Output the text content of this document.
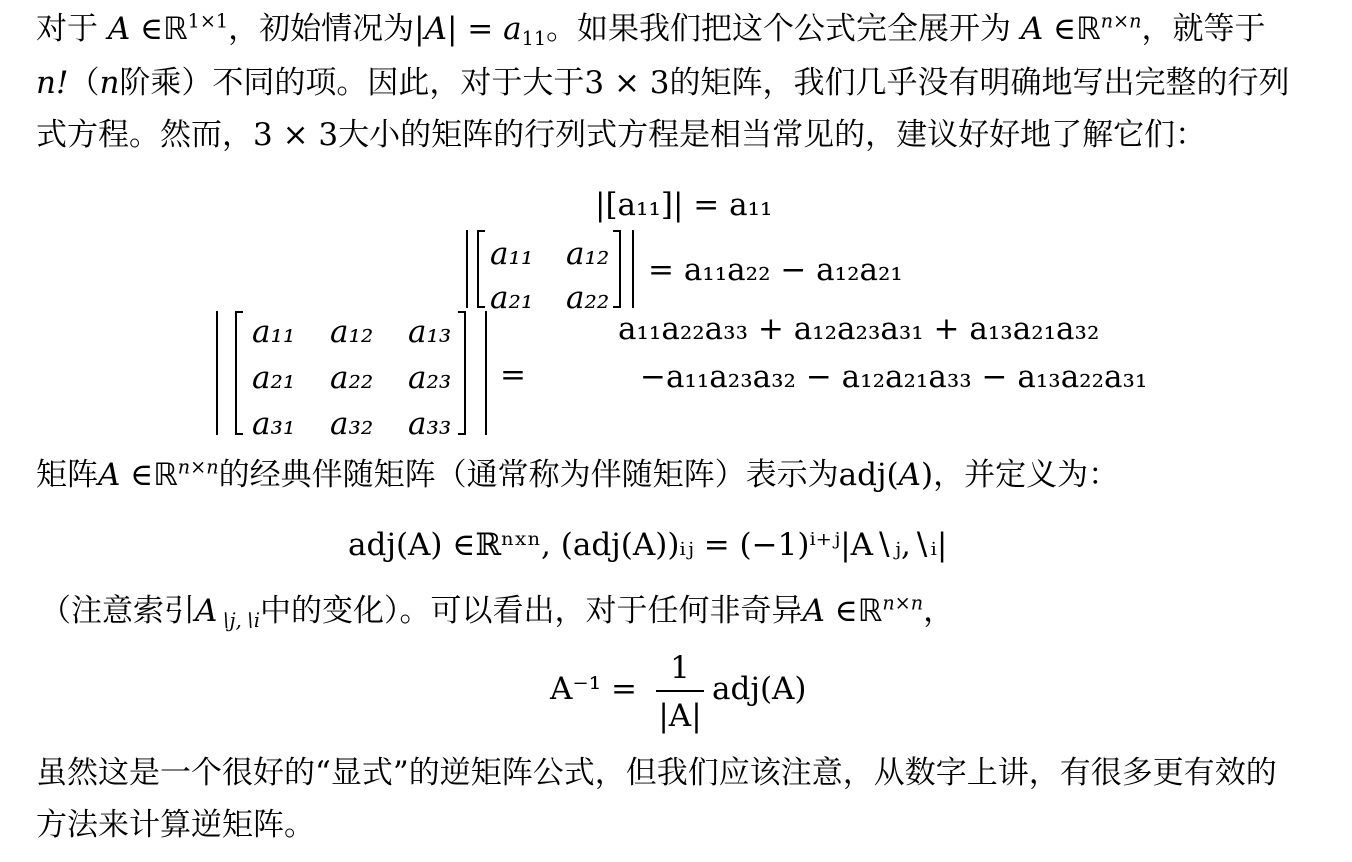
对于 A ∈ℝ$^{1\times 1}$，初始情况为$|A| = a_{11}$。如果我们把这个公式完全展开为 A ∈ℝ$^{n\times n}$，就等于
n!（n阶乘）不同的项。因此，对于大于3 × 3的矩阵，我们几乎没有明确地写出完整的行列
式方程。然而，3 × 3大小的矩阵的行列式方程是相当常见的，建议好好地了解它们：
|[a₁₁]| = a₁₁
a₁₁ a₁₂
a₂₁ a₂₂
= a₁₁a₂₂ − a₁₂a₂₁
a₁₁ a₁₂ a₁₃
a₂₁ a₂₂ a₂₃
a₃₁ a₃₂ a₃₃
=
a₁₁a₂₂a₃₃ + a₁₂a₂₃a₃₁ + a₁₃a₂₁a₃₂
−a₁₁a₂₃a₃₂ − a₁₂a₂₁a₃₃ − a₁₃a₂₂a₃₁
矩阵A ∈ℝ$^{n\times n}$的经典伴随矩阵（通常称为伴随矩阵）表示为adj(A)，并定义为：
adj(A) ∈ℝⁿˣⁿ, (adj(A))ᵢⱼ = (−1)ⁱ⁺ʲ|A∖ⱼ,∖ᵢ|
（注意索引$A_{∖j,∖i}$中的变化）。可以看出，对于任何非奇异A ∈ℝ$^{n\times n}$，
A⁻¹ =
1
|A|
adj(A)
虽然这是一个很好的“显式”的逆矩阵公式，但我们应该注意，从数字上讲，有很多更有效的
方法来计算逆矩阵。
